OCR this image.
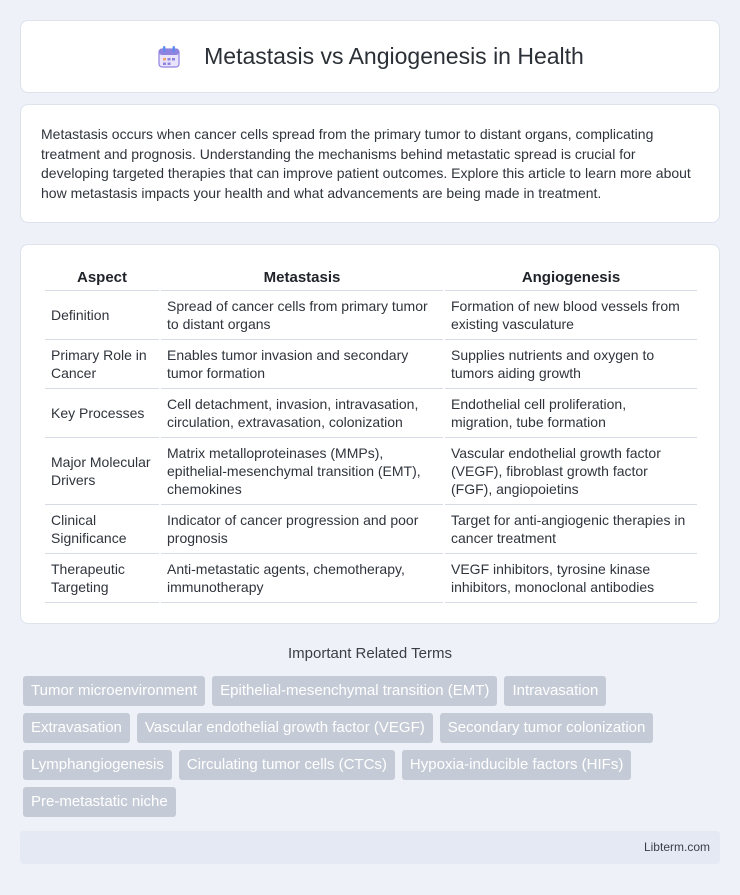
Metastasis vs Angiogenesis in Health

Metastasis occurs when cancer cells spread from the primary tumor to distant organs, complicating treatment and prognosis. Understanding the mechanisms behind metastatic spread is crucial for developing targeted therapies that can improve patient outcomes. Explore this article to learn more about how metastasis impacts your health and what advancements are being made in treatment.

Aspect	Metastasis	Angiogenesis
Definition	Spread of cancer cells from primary tumor to distant organs	Formation of new blood vessels from existing vasculature
Primary Role in Cancer	Enables tumor invasion and secondary tumor formation	Supplies nutrients and oxygen to tumors aiding growth
Key Processes	Cell detachment, invasion, intravasation, circulation, extravasation, colonization	Endothelial cell proliferation, migration, tube formation
Major Molecular Drivers	Matrix metalloproteinases (MMPs), epithelial-mesenchymal transition (EMT), chemokines	Vascular endothelial growth factor (VEGF), fibroblast growth factor (FGF), angiopoietins
Clinical Significance	Indicator of cancer progression and poor prognosis	Target for anti-angiogenic therapies in cancer treatment
Therapeutic Targeting	Anti-metastatic agents, chemotherapy, immunotherapy	VEGF inhibitors, tyrosine kinase inhibitors, monoclonal antibodies
Important Related Terms
Tumor microenvironment	Epithelial-mesenchymal transition (EMT)	Intravasation
Extravasation	Vascular endothelial growth factor (VEGF)	Secondary tumor colonization
Lymphangiogenesis	Circulating tumor cells (CTCs)	Hypoxia-inducible factors (HIFs)
Pre-metastatic niche
Libterm.com
